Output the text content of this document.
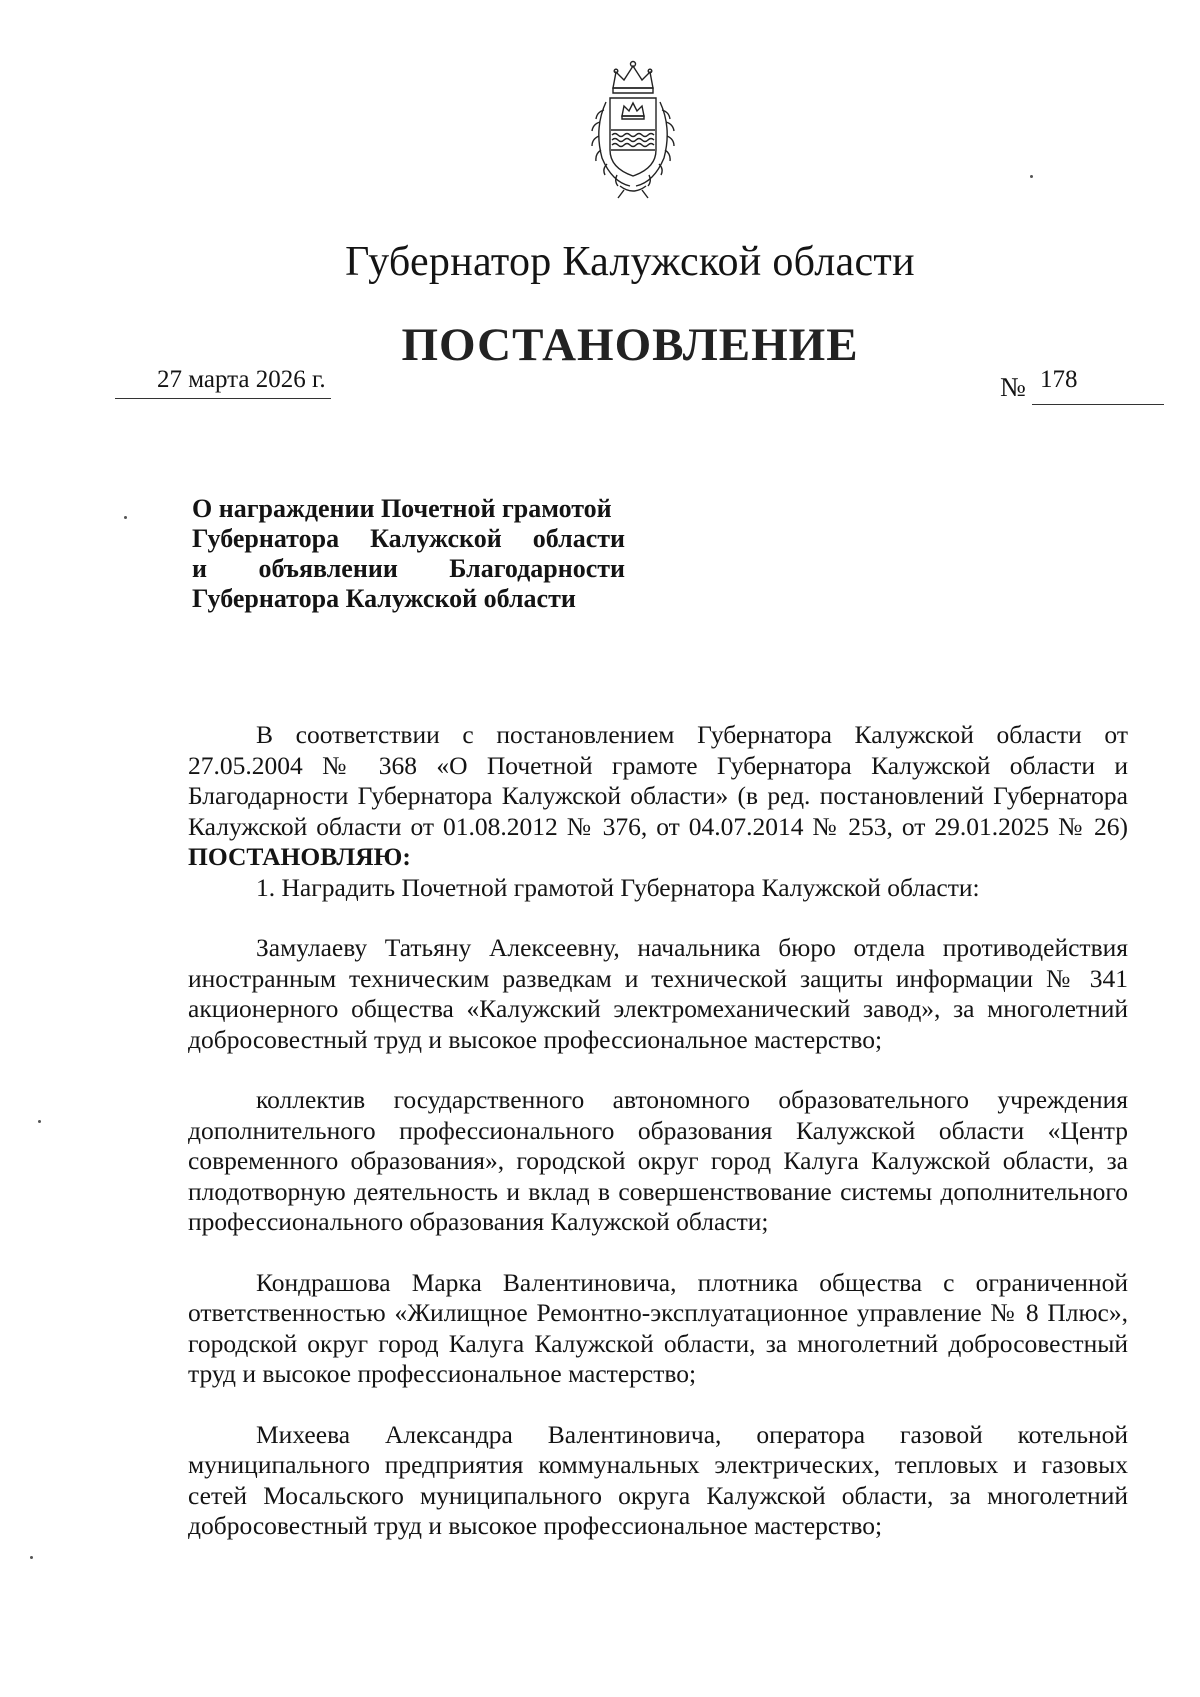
Губернатор Калужской области
ПОСТАНОВЛЕНИЕ
27 марта 2026 г.	№ 178
О награждении Почетной грамотой
Губернатора Калужской области
и объявлении Благодарности
Губернатора Калужской области

В соответствии с постановлением Губернатора Калужской области от 27.05.2004 № 368 «О Почетной грамоте Губернатора Калужской области и Благодарности Губернатора Калужской области» (в ред. постановлений Губернатора Калужской области от 01.08.2012 № 376, от 04.07.2014 № 253, от 29.01.2025 № 26) ПОСТАНОВЛЯЮ:

1. Наградить Почетной грамотой Губернатора Калужской области:

Замулаеву Татьяну Алексеевну, начальника бюро отдела противодействия иностранным техническим разведкам и технической защиты информации № 341 акционерного общества «Калужский электромеханический завод», за многолетний добросовестный труд и высокое профессиональное мастерство;

коллектив государственного автономного образовательного учреждения дополнительного профессионального образования Калужской области «Центр современного образования», городской округ город Калуга Калужской области, за плодотворную деятельность и вклад в совершенствование системы дополнительного профессионального образования Калужской области;

Кондрашова Марка Валентиновича, плотника общества с ограниченной ответственностью «Жилищное Ремонтно-эксплуатационное управление № 8 Плюс», городской округ город Калуга Калужской области, за многолетний добросовестный труд и высокое профессиональное мастерство;

Михеева Александра Валентиновича, оператора газовой котельной муниципального предприятия коммунальных электрических, тепловых и газовых сетей Мосальского муниципального округа Калужской области, за многолетний добросовестный труд и высокое профессиональное мастерство;
